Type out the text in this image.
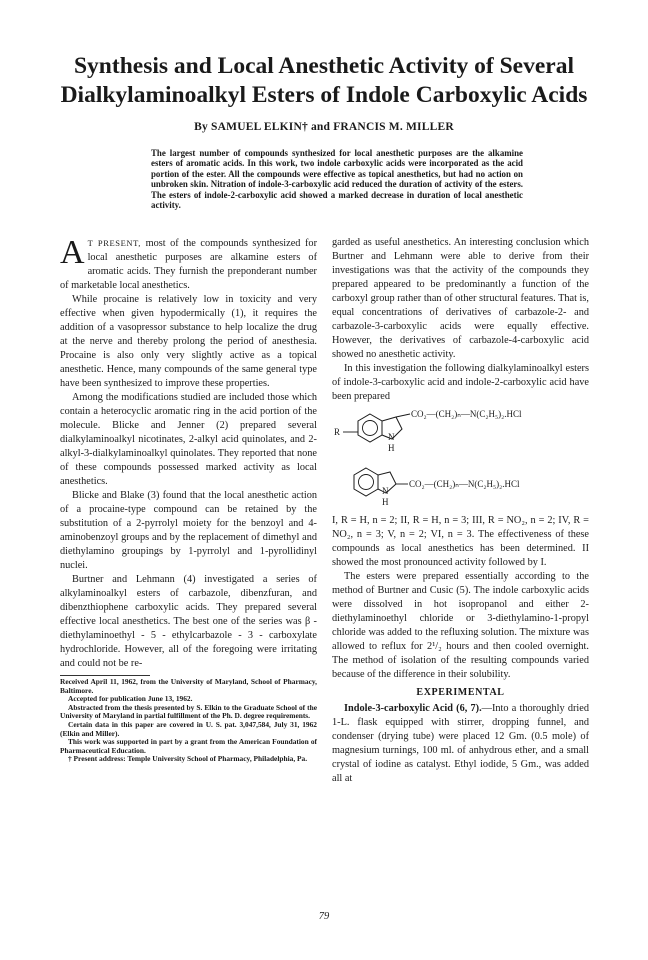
Synthesis and Local Anesthetic Activity of Several
Dialkylaminoalkyl Esters of Indole Carboxylic Acids
By SAMUEL ELKIN† and FRANCIS M. MILLER

The largest number of compounds synthesized for local anesthetic purposes are the alkamine esters of aromatic acids. In this work, two indole carboxylic acids were incorporated as the acid portion of the ester. All the compounds were effective as topical anesthetics, but had no action on unbroken skin. Nitration of indole-3-carboxylic acid reduced the duration of activity of the esters. The esters of indole-2-carboxylic acid showed a marked decrease in duration of local anesthetic activity.

A T PRESENT, most of the compounds synthesized for local anesthetic purposes are alkamine esters of aromatic acids. They furnish the preponderant number of marketable local anesthetics.

While procaine is relatively low in toxicity and very effective when given hypodermically (1), it requires the addition of a vasopressor substance to help localize the drug at the nerve and thereby prolong the period of anesthesia. Procaine is also only very slightly active as a topical anesthetic. Hence, many compounds of the same general type have been synthesized to improve these properties.

Among the modifications studied are included those which contain a heterocyclic aromatic ring in the acid portion of the molecule. Blicke and Jenner (2) prepared several dialkylaminoalkyl nicotinates, 2-alkyl acid quinolates, and 2-alkyl-3-dialkylaminoalkyl quinolates. They reported that none of these compounds possessed marked activity as local anesthetics.

Blicke and Blake (3) found that the local anesthetic action of a procaine-type compound can be retained by the substitution of a 2-pyrrolyl moiety for the benzoyl and 4-aminobenzoyl groups and by the replacement of dimethyl and diethylamino groupings by 1-pyrrolyl and 1-pyrollidinyl nuclei.

Burtner and Lehmann (4) investigated a series of alkylaminoalkyl esters of carbazole, dibenzfuran, and dibenzthiophene carboxylic acids. They prepared several effective local anesthetics. The best one of the series was β - diethylaminoethyl - 5 - ethylcarbazole - 3 - carboxylate hydrochloride. However, all of the foregoing were irritating and could not be re-

Received April 11, 1962, from the University of Maryland, School of Pharmacy, Baltimore.

Accepted for publication June 13, 1962.

Abstracted from the thesis presented by S. Elkin to the Graduate School of the University of Maryland in partial fulfillment of the Ph. D. degree requirements.

Certain data in this paper are covered in U. S. pat. 3,047,584, July 31, 1962 (Elkin and Miller).

This work was supported in part by a grant from the American Foundation of Pharmaceutical Education.

† Present address: Temple University School of Pharmacy, Philadelphia, Pa.

garded as useful anesthetics. An interesting conclusion which Burtner and Lehmann were able to derive from their investigations was that the activity of the compounds they prepared appeared to be predominantly a function of the carboxyl group rather than of other structural features. That is, equal concentrations of derivatives of carbazole-2- and carbazole-3-carboxylic acids were equally effective. However, the derivatives of carbazole-4-carboxylic acid showed no anesthetic activity.

In this investigation the following dialkylaminoalkyl esters of indole-3-carboxylic acid and indole-2-carboxylic acid have been prepared

R	N
H
CO₂—(CH₂)ₙ—N(C₂H₅)₂.HCl
N
H
CO₂—(CH₂)ₙ—N(C₂H₅)₂.HCl

I, R = H, n = 2; II, R = H, n = 3; III, R = NO₂, n = 2; IV, R = NO₂, n = 3; V, n = 2; VI, n = 3. The effectiveness of these compounds as local anesthetics has been determined. II showed the most pronounced activity followed by I.

The esters were prepared essentially according to the method of Burtner and Cusic (5). The indole carboxylic acids were dissolved in hot isopropanol and either 2-diethylaminoethyl chloride or 3-diethylamino-1-propyl chloride was added to the refluxing solution. The mixture was allowed to reflux for 2¹/₂ hours and then cooled overnight. The method of isolation of the resulting compounds varied because of the difference in their solubility.

EXPERIMENTAL

Indole-3-carboxylic Acid (6, 7).—Into a thoroughly dried 1-L. flask equipped with stirrer, dropping funnel, and condenser (drying tube) were placed 12 Gm. (0.5 mole) of magnesium turnings, 100 ml. of anhydrous ether, and a small crystal of iodine as catalyst. Ethyl iodide, 5 Gm., was added all at

79
